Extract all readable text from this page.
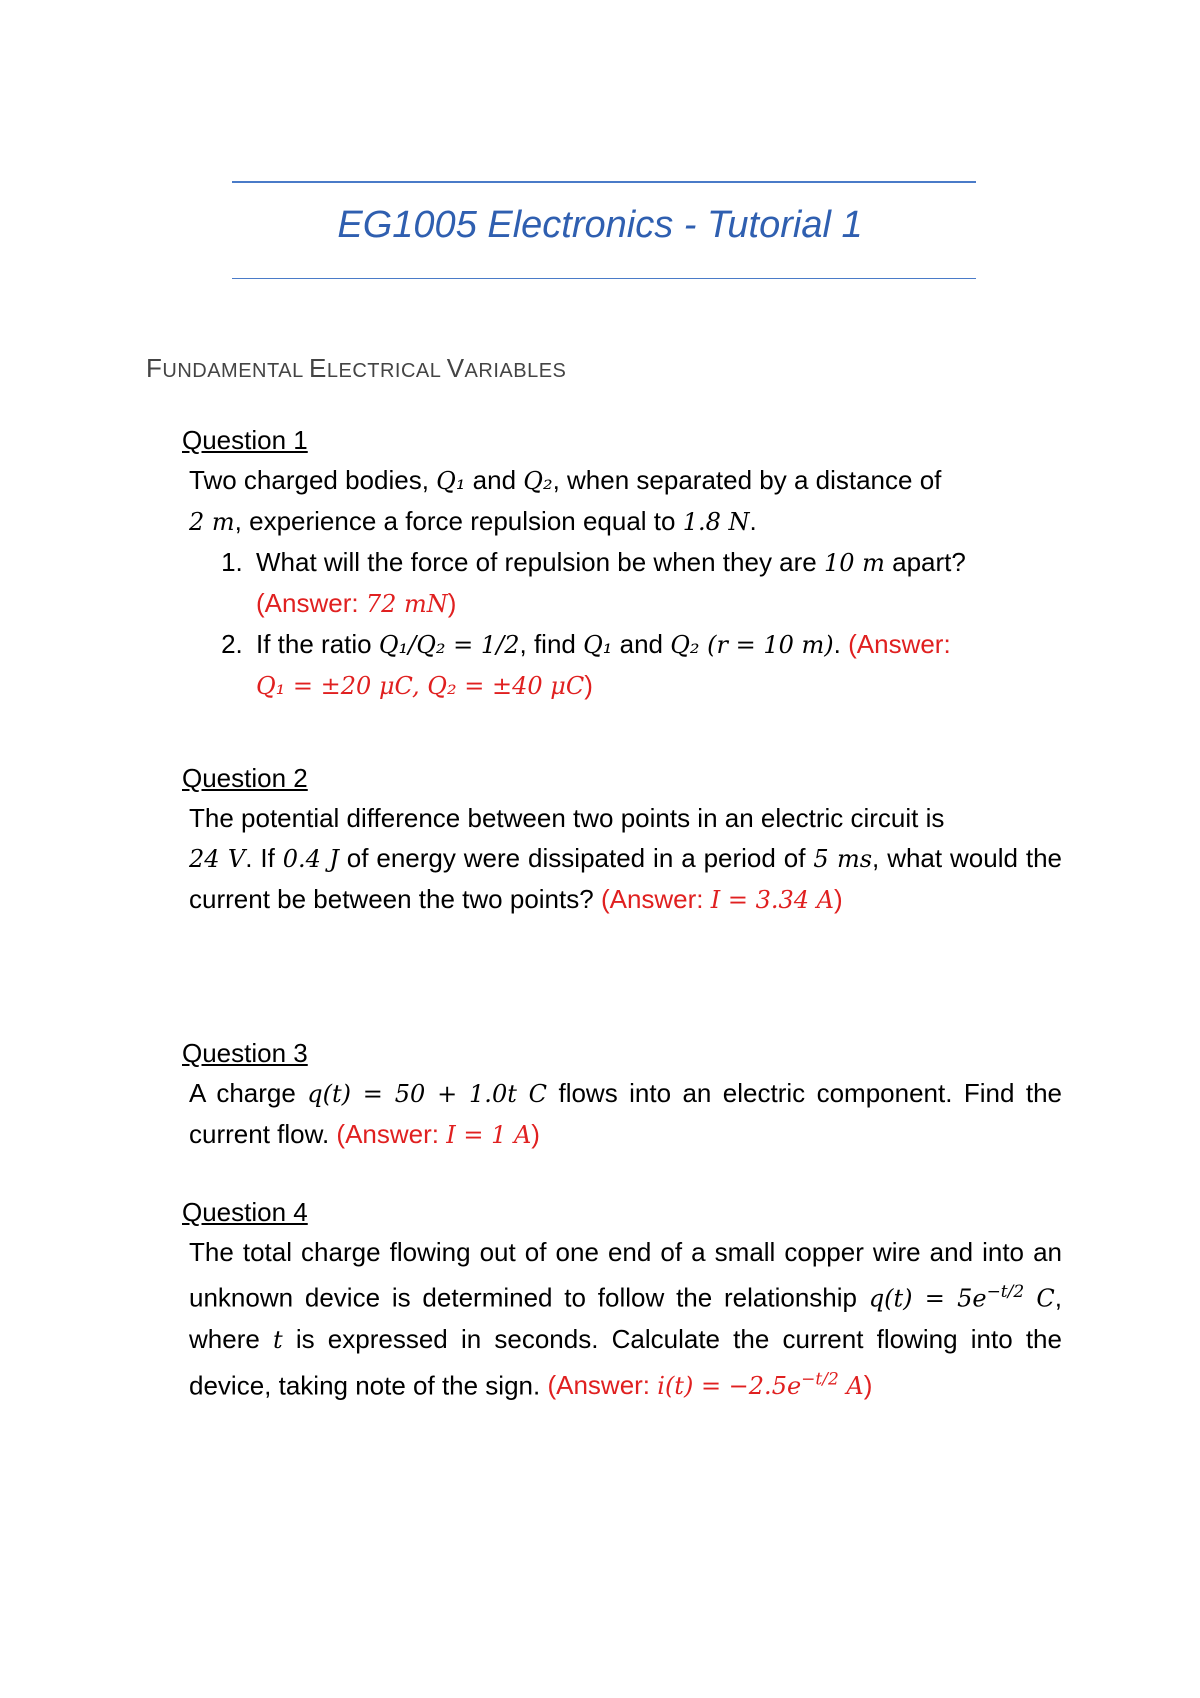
EG1005 Electronics - Tutorial 1
FUNDAMENTAL ELECTRICAL VARIABLES
Question 1
Two charged bodies, Q₁ and Q₂, when separated by a distance of
2 m, experience a force repulsion equal to 1.8 N.
1. What will the force of repulsion be when they are 10 m apart?
(Answer: 72 mN)
2. If the ratio Q₁/Q₂ = 1/2, find Q₁ and Q₂ (r = 10 m). (Answer:
Q₁ = ±20 μC, Q₂ = ±40 μC)
Question 2
The potential difference between two points in an electric circuit is
24 V. If 0.4 J of energy were dissipated in a period of 5 ms, what would the current be between the two points? (Answer: I = 3.34 A)
Question 3
A charge q(t) = 50 + 1.0t C flows into an electric component. Find the current flow. (Answer: I = 1 A)
Question 4
The total charge flowing out of one end of a small copper wire and into an unknown device is determined to follow the relationship $q(t) = 5e^{-t/2}$ C, where t is expressed in seconds. Calculate the current flowing into the device, taking note of the sign. (Answer: $i(t) = -2.5e^{-t/2}$ A)
